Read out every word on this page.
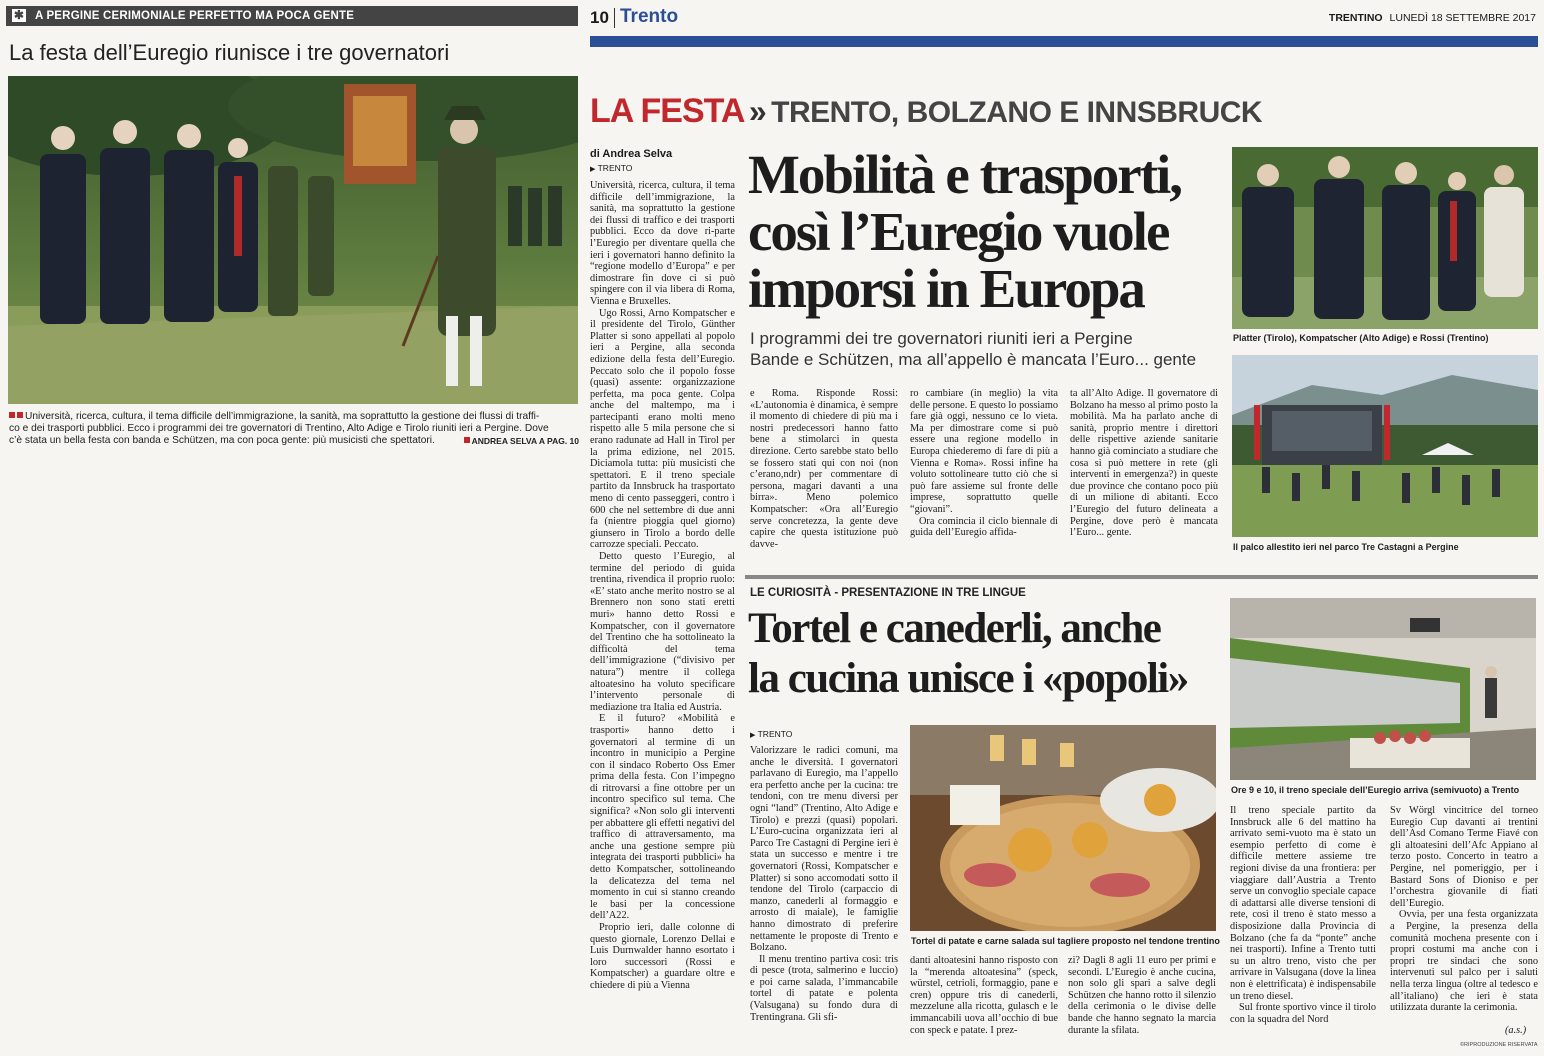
✱ A PERGINE CERIMONIALE PERFETTO MA POCA GENTE
La festa dell’Euregio riunisce i tre governatori
Università, ricerca, cultura, il tema difficile dell’immigrazione, la sanità, ma soprattutto la gestione dei flussi di traffi-
co e dei trasporti pubblici. Ecco i programmi dei tre governatori di Trentino, Alto Adige e Tirolo riuniti ieri a Pergine. Dove
c’è stata un bella festa con banda e Schützen, ma con poca gente: più musicisti che spettatori.	ANDREA SELVA A PAG. 10
10 Trento	TRENTINO LUNEDÌ 18 SETTEMBRE 2017
LA FESTA » TRENTO, BOLZANO E INNSBRUCK
di Andrea Selva
▶ TRENTO Mobilità e trasporti,
così l’Euregio vuole
imporsi in Europa
I programmi dei tre governatori riuniti ieri a Pergine
Bande e Schützen, ma all’appello è mancata l’Euro... gente
Platter (Tirolo), Kompatscher (Alto Adige) e Rossi (Trentino)
Il palco allestito ieri nel parco Tre Castagni a Pergine

Università, ricerca, cultura, il tema difficile dell’immigrazione, la sanità, ma soprattutto la gestione dei flussi di traffico e dei trasporti pubblici. Ecco da dove ri-parte l’Euregio per diventare quella che ieri i governatori hanno definito la “regione modello d’Europa” e per dimostrare fin dove ci si può spingere con il via libera di Roma, Vienna e Bruxelles.

Ugo Rossi, Arno Kompatscher e il presidente del Tirolo, Günther Platter si sono appellati al popolo ieri a Pergine, alla seconda edizione della festa dell’Euregio. Peccato solo che il popolo fosse (quasi) assente: organizzazione perfetta, ma poca gente. Colpa anche del maltempo, ma i partecipanti erano molti meno rispetto alle 5 mila persone che si erano radunate ad Hall in Tirol per la prima edizione, nel 2015. Diciamola tutta: più musicisti che spettatori. E il treno speciale partito da Innsbruck ha trasportato meno di cento passeggeri, contro i 600 che nel settembre di due anni fa (nientre pioggia quel giorno) giunsero in Tirolo a bordo delle carrozze speciali. Peccato.

Detto questo l’Euregio, al termine del periodo di guida trentina, rivendica il proprio ruolo: «E’ stato anche merito nostro se al Brennero non sono stati eretti muri» hanno detto Rossi e Kompatscher, con il governatore del Trentino che ha sottolineato la difficoltà del tema dell’immigrazione (“divisivo per natura”) mentre il collega altoatesino ha voluto specificare l’intervento personale di mediazione tra Italia ed Austria.

E il futuro? «Mobilità e trasporti» hanno detto i governatori al termine di un incontro in municipio a Pergine con il sindaco Roberto Oss Emer prima della festa. Con l’impegno di ritrovarsi a fine ottobre per un incontro specifico sul tema. Che significa? «Non solo gli interventi per abbattere gli effetti negativi del traffico di attraversamento, ma anche una gestione sempre più integrata dei trasporti pubblici» ha detto Kompatscher, sottolineando la delicatezza del tema nel momento in cui si stanno creando le basi per la concessione dell’A22.

Proprio ieri, dalle colonne di questo giornale, Lorenzo Dellai e Luis Durnwalder hanno esortato i loro successori (Rossi e Kompatscher) a guardare oltre e chiedere di più a Vienna

e Roma. Risponde Rossi: «L’autonomia è dinamica, è sempre il momento di chiedere di più ma i nostri predecessori hanno fatto bene a stimolarci in questa direzione. Certo sarebbe stato bello se fossero stati qui con noi (non c’erano,ndr) per commentare di persona, magari davanti a una birra». Meno polemico Kompatscher: «Ora all’Euregio serve concretezza, la gente deve capire che questa istituzione può davve-

ro cambiare (in meglio) la vita delle persone. E questo lo possiamo fare già oggi, nessuno ce lo vieta. Ma per dimostrare come si può essere una regione modello in Europa chiederemo di fare di più a Vienna e Roma». Rossi infine ha voluto sottolineare tutto ciò che si può fare assieme sul fronte delle imprese, soprattutto quelle “giovani”.

Ora comincia il ciclo biennale di guida dell’Euregio affida-

ta all’Alto Adige. Il governatore di Bolzano ha messo al primo posto la mobilità. Ma ha parlato anche di sanità, proprio mentre i direttori delle rispettive aziende sanitarie hanno già cominciato a studiare che cosa si può mettere in rete (gli interventi in emergenza?) in queste due province che contano poco più di un milione di abitanti. Ecco l’Euregio del futuro delineata a Pergine, dove però è mancata l’Euro... gente.

LE CURIOSITÀ - PRESENTAZIONE IN TRE LINGUE
Tortel e canederli, anche
la cucina unisce i «popoli»
▶ TRENTO
Tortel di patate e carne salada sul tagliere proposto nel tendone trentino
Ore 9 e 10, il treno speciale dell’Euregio arriva (semivuoto) a Trento

Valorizzare le radici comuni, ma anche le diversità. I governatori parlavano di Euregio, ma l’appello era perfetto anche per la cucina: tre tendoni, con tre menu diversi per ogni “land” (Trentino, Alto Adige e Tirolo) e prezzi (quasi) popolari. L’Euro-cucina organizzata ieri al Parco Tre Castagni di Pergine ieri è stata un successo e mentre i tre governatori (Rossi, Kompatscher e Platter) si sono accomodati sotto il tendone del Tirolo (carpaccio di manzo, canederli al formaggio e arrosto di maiale), le famiglie hanno dimostrato di preferire nettamente le proposte di Trento e Bolzano.

Il menu trentino partiva così: tris di pesce (trota, salmerino e luccio) e poi carne salada, l’immancabile tortel di patate e polenta (Valsugana) su fondo dura di Trentingrana. Gli sfi-

danti altoatesini hanno risposto con la “merenda altoatesina” (speck, würstel, cetrioli, formaggio, pane e cren) oppure tris di canederli, mezzelune alla ricotta, gulasch e le immancabili uova all’occhio di bue con speck e patate. I prez-

zi? Dagli 8 agli 11 euro per primi e secondi. L’Euregio è anche cucina, non solo gli spari a salve degli Schützen che hanno rotto il silenzio della cerimonia o le divise delle bande che hanno segnato la marcia durante la sfilata.

Il treno speciale partito da Innsbruck alle 6 del mattino ha arrivato semi-vuoto ma è stato un esempio perfetto di come è difficile mettere assieme tre regioni divise da una frontiera: per viaggiare dall’Austria a Trento serve un convoglio speciale capace di adattarsi alle diverse tensioni di rete, così il treno è stato messo a disposizione dalla Provincia di Bolzano (che fa da “ponte” anche nei trasporti). Infine a Trento tutti su un altro treno, visto che per arrivare in Valsugana (dove la linea non è elettrificata) è indispensabile un treno diesel.

Sul fronte sportivo vince il tirolo con la squadra del Nord

Sv Wörgl vincitrice del torneo Euregio Cup davanti ai trentini dell’Asd Comano Terme Fiavé con gli altoatesini dell’Afc Appiano al terzo posto. Concerto in teatro a Pergine, nel pomeriggio, per i Bastard Sons of Dioniso e per l’orchestra giovanile di fiati dell’Euregio.

Ovvia, per una festa organizzata a Pergine, la presenza della comunità mochena presente con i propri costumi ma anche con i propri tre sindaci che sono intervenuti sul palco per i saluti nella terza lingua (oltre al tedesco e all’italiano) che ieri è stata utilizzata durante la cerimonia.

(a.s.)
©RIPRODUZIONE RISERVATA
